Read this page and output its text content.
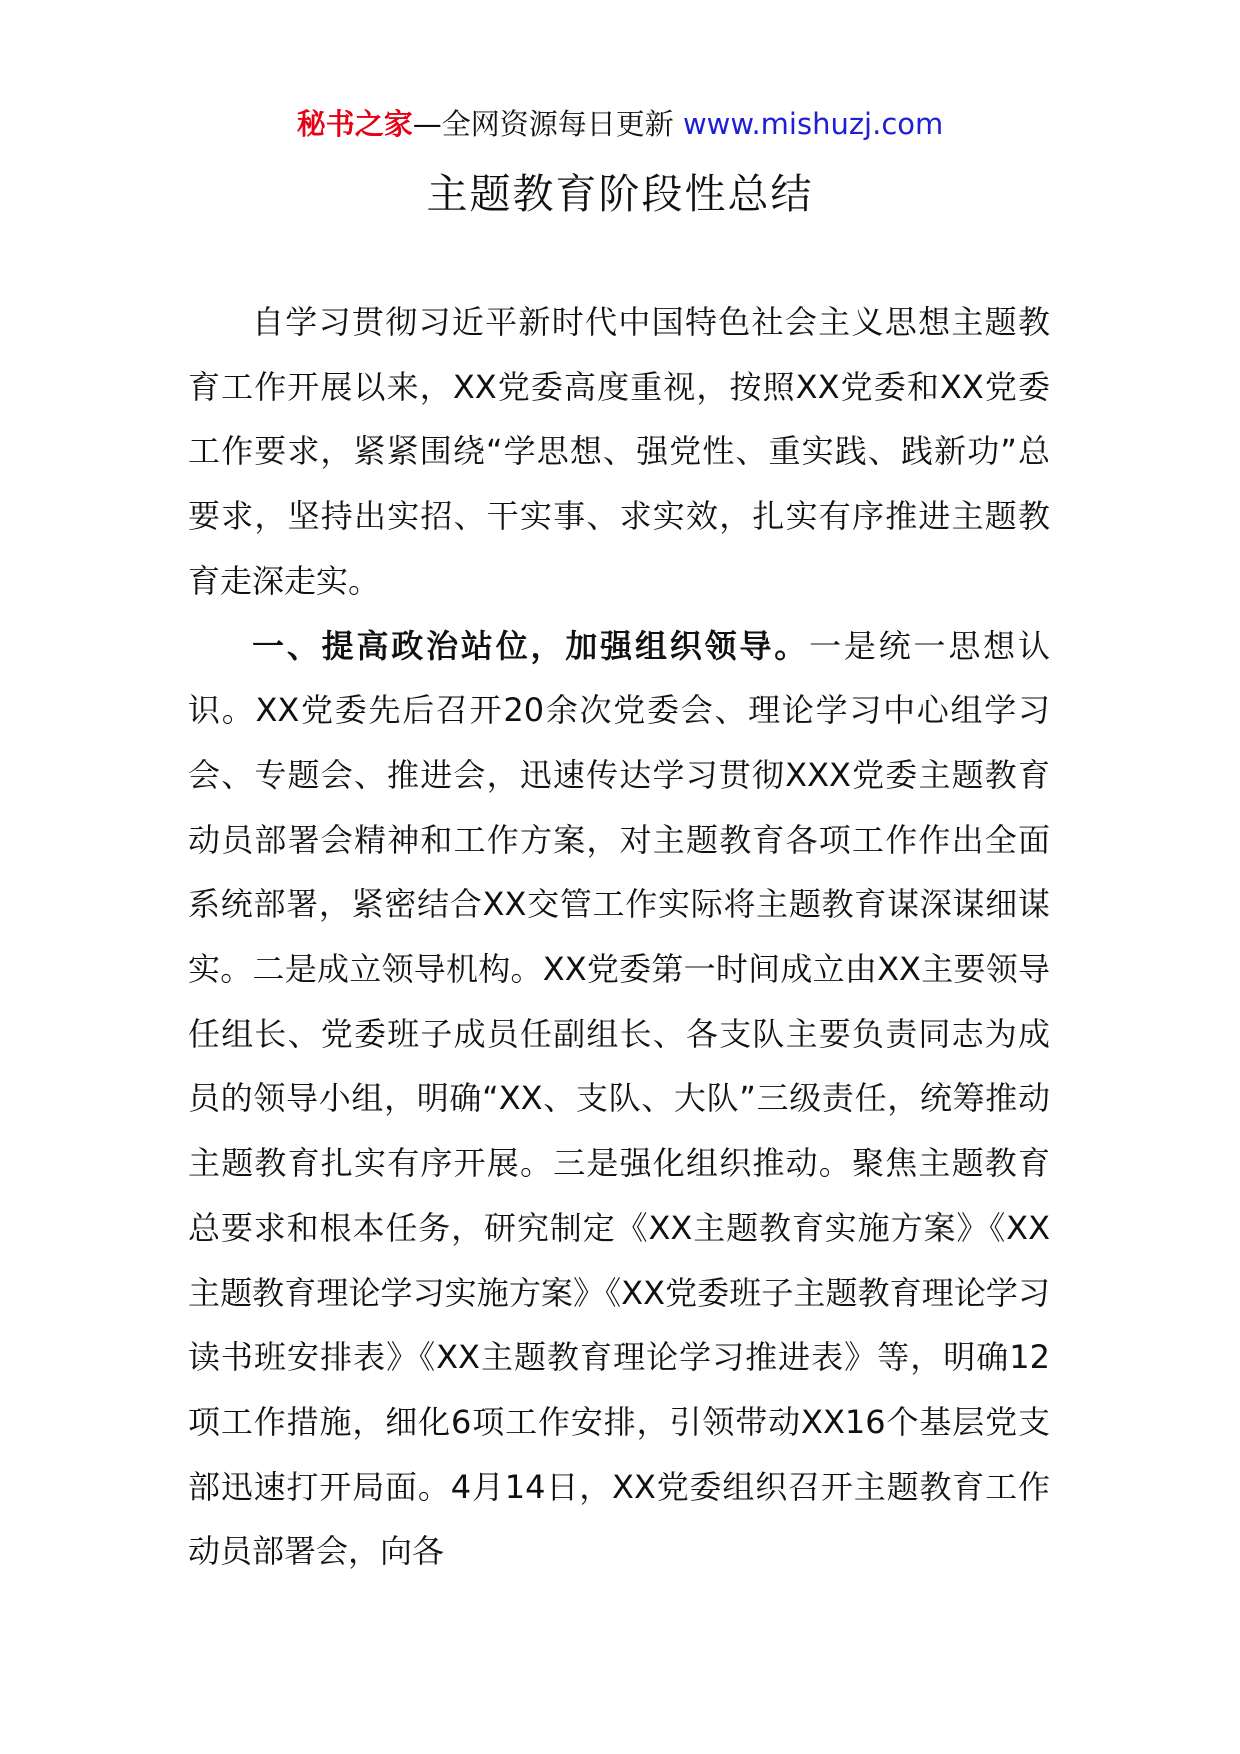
秘书之家—全网资源每日更新 www.mishuzj.com
主题教育阶段性总结

自学习贯彻习近平新时代中国特色社会主义思想主题教育工作开展以来，XX党委高度重视，按照XX党委和XX党委工作要求，紧紧围绕“学思想、强党性、重实践、践新功”总要求，坚持出实招、干实事、求实效，扎实有序推进主题教育走深走实。

一、提高政治站位，加强组织领导。一是统一思想认识。XX党委先后召开20余次党委会、理论学习中心组学习会、专题会、推进会，迅速传达学习贯彻XXX党委主题教育动员部署会精神和工作方案，对主题教育各项工作作出全面系统部署，紧密结合XX交管工作实际将主题教育谋深谋细谋实。二是成立领导机构。XX党委第一时间成立由XX主要领导任组长、党委班子成员任副组长、各支队主要负责同志为成员的领导小组，明确“XX、支队、大队”三级责任，统筹推动主题教育扎实有序开展。三是强化组织推动。聚焦主题教育总要求和根本任务，研究制定《XX主题教育实施方案》《XX主题教育理论学习实施方案》《XX党委班子主题教育理论学习读书班安排表》《XX主题教育理论学习推进表》等，明确12项工作措施，细化6项工作安排，引领带动XX16个基层党支部迅速打开局面。4月14日，XX党委组织召开主题教育工作动员部署会，向各
